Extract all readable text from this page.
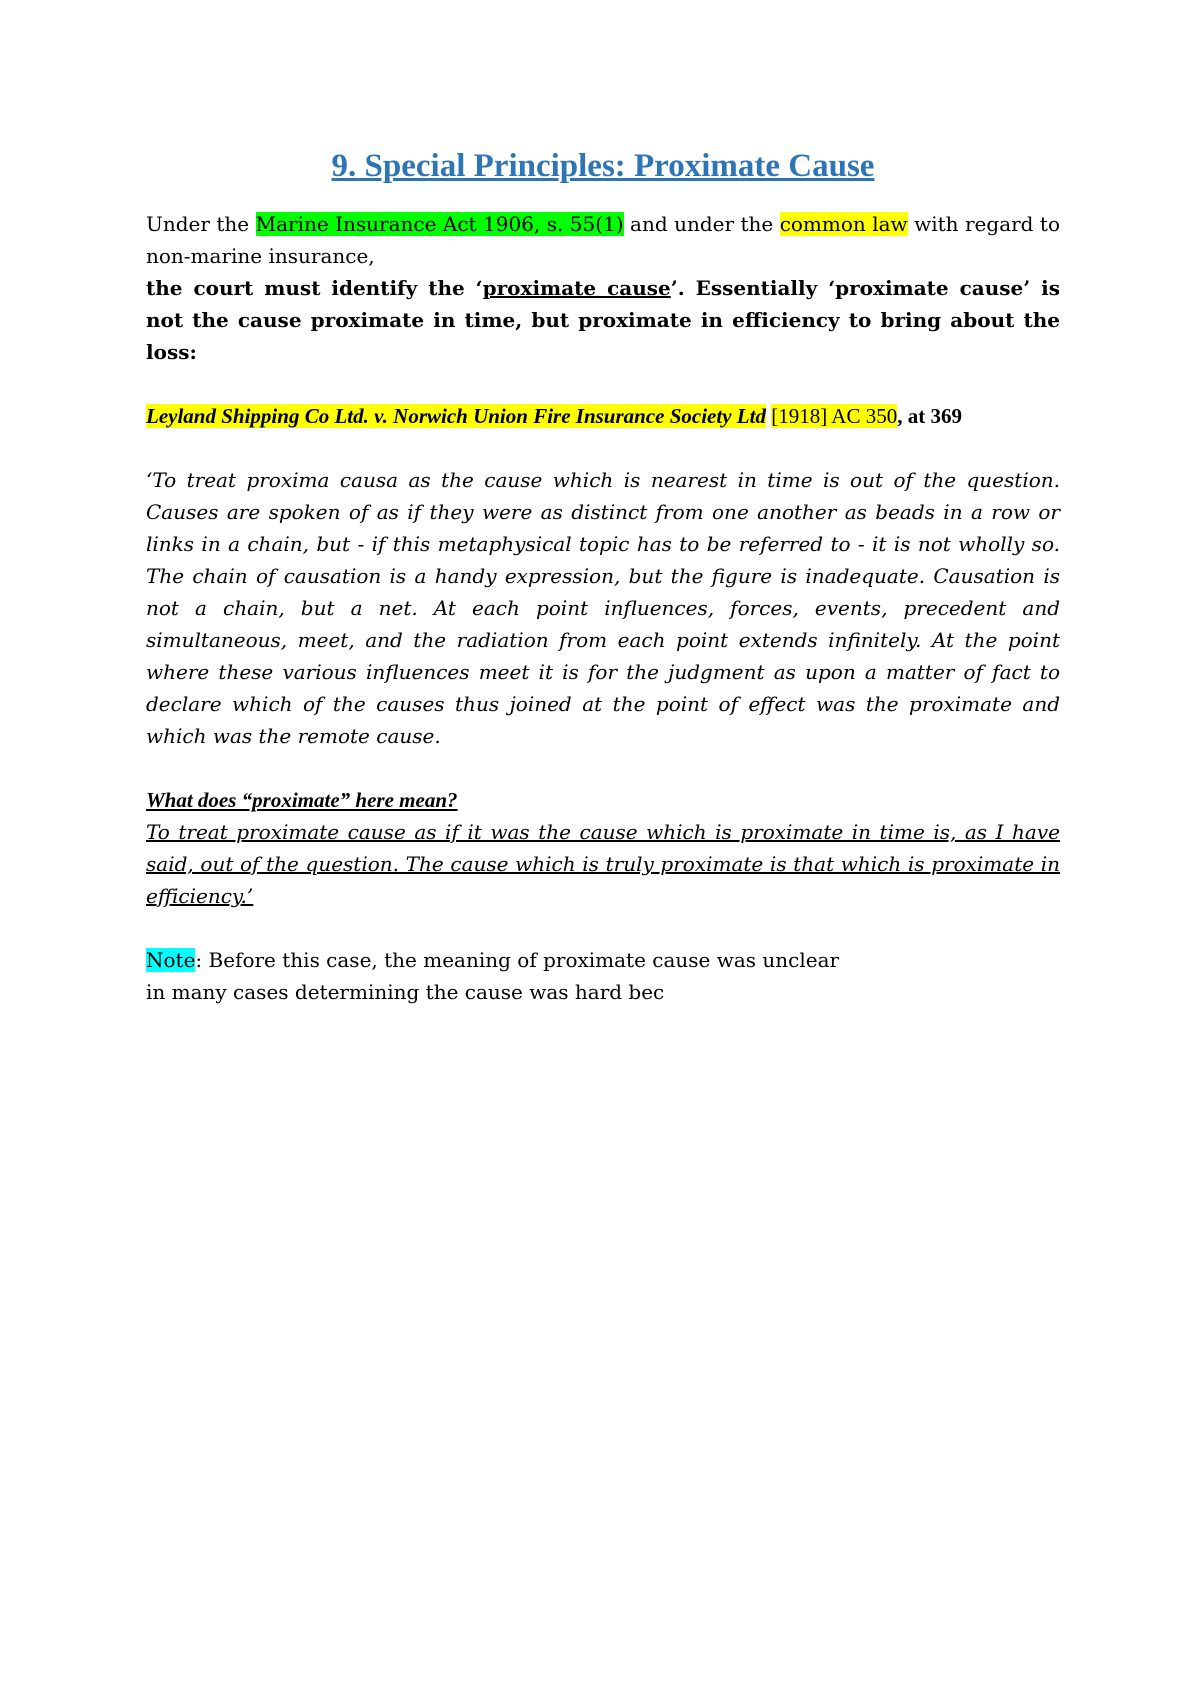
9. Special Principles: Proximate Cause

Under the Marine Insurance Act 1906, s. 55(1) and under the common law with regard to non-marine insurance,

the court must identify the ‘proximate cause’. Essentially ‘proximate cause’ is not the cause proximate in time, but proximate in efficiency to bring about the loss:

Leyland Shipping Co Ltd. v. Norwich Union Fire Insurance Society Ltd [1918] AC 350, at 369

‘To treat proxima causa as the cause which is nearest in time is out of the question. Causes are spoken of as if they were as distinct from one another as beads in a row or links in a chain, but - if this metaphysical topic has to be referred to - it is not wholly so. The chain of causation is a handy expression, but the figure is inadequate. Causation is not a chain, but a net. At each point influences, forces, events, precedent and simultaneous, meet, and the radiation from each point extends infinitely. At the point where these various influences meet it is for the judgment as upon a matter of fact to declare which of the causes thus joined at the point of effect was the proximate and which was the remote cause.

What does “proximate” here mean?

To treat proximate cause as if it was the cause which is proximate in time is, as I have said, out of the question. The cause which is truly proximate is that which is proximate in efficiency.’

Note: Before this case, the meaning of proximate cause was unclear

in many cases determining the cause was hard bec
